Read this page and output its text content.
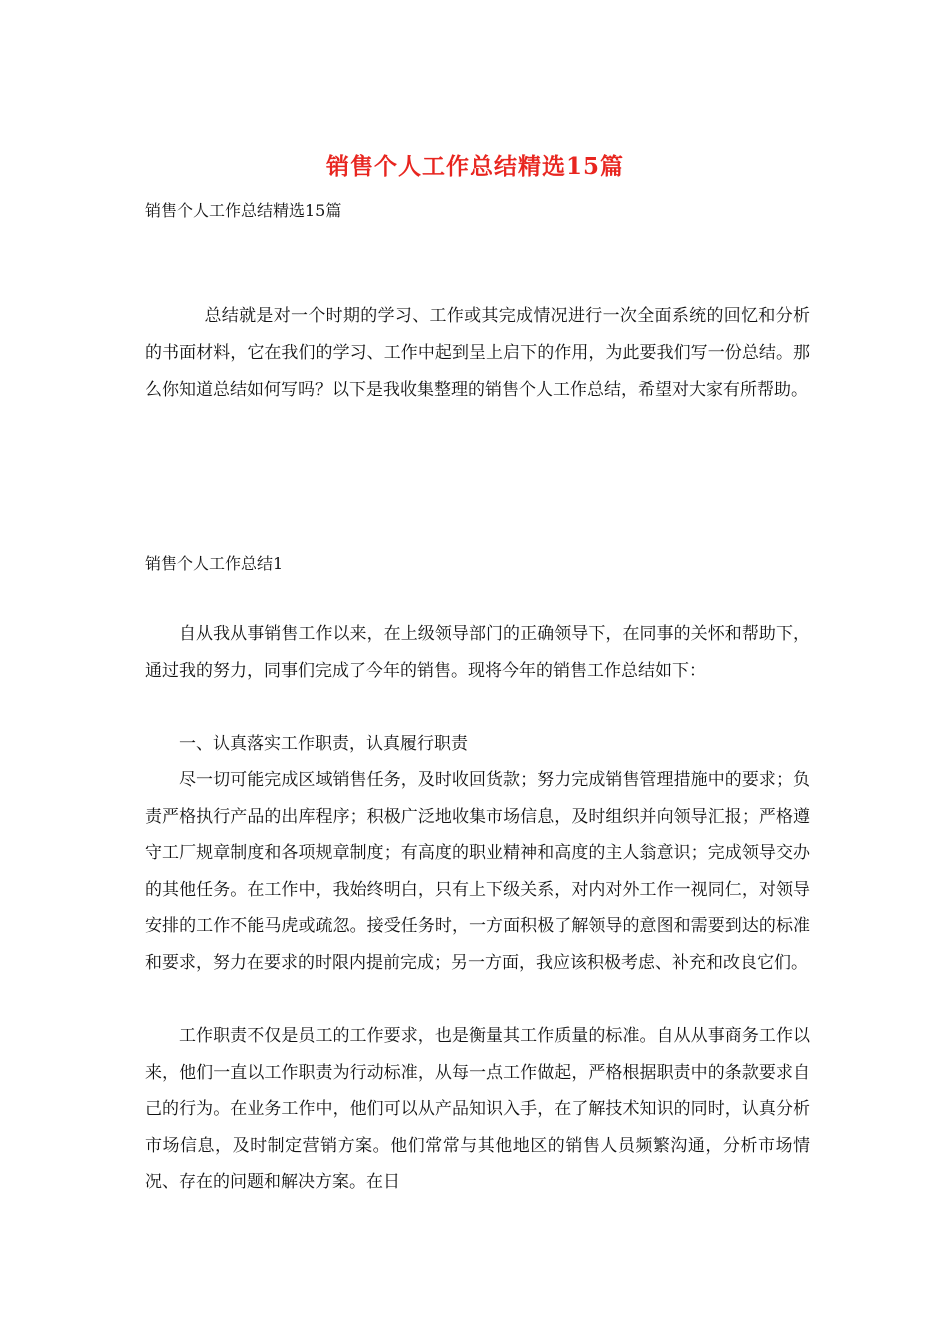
销售个人工作总结精选15篇
销售个人工作总结精选15篇
总结就是对一个时期的学习、工作或其完成情况进行一次全面系统的回忆和分析的书面材料，它在我们的学习、工作中起到呈上启下的作用，为此要我们写一份总结。那么你知道总结如何写吗？以下是我收集整理的销售个人工作总结，希望对大家有所帮助。
销售个人工作总结1
自从我从事销售工作以来，在上级领导部门的正确领导下，在同事的关怀和帮助下，通过我的努力，同事们完成了今年的销售。现将今年的销售工作总结如下：
一、认真落实工作职责，认真履行职责
尽一切可能完成区域销售任务，及时收回货款；努力完成销售管理措施中的要求；负责严格执行产品的出库程序；积极广泛地收集市场信息，及时组织并向领导汇报；严格遵守工厂规章制度和各项规章制度；有高度的职业精神和高度的主人翁意识；完成领导交办的其他任务。在工作中，我始终明白，只有上下级关系，对内对外工作一视同仁，对领导安排的工作不能马虎或疏忽。接受任务时，一方面积极了解领导的意图和需要到达的标准和要求，努力在要求的时限内提前完成；另一方面，我应该积极考虑、补充和改良它们。
工作职责不仅是员工的工作要求，也是衡量其工作质量的标准。自从从事商务工作以来，他们一直以工作职责为行动标准，从每一点工作做起，严格根据职责中的条款要求自己的行为。在业务工作中，他们可以从产品知识入手，在了解技术知识的同时，认真分析市场信息，及时制定营销方案。他们常常与其他地区的销售人员频繁沟通，分析市场情况、存在的问题和解决方案。在日
